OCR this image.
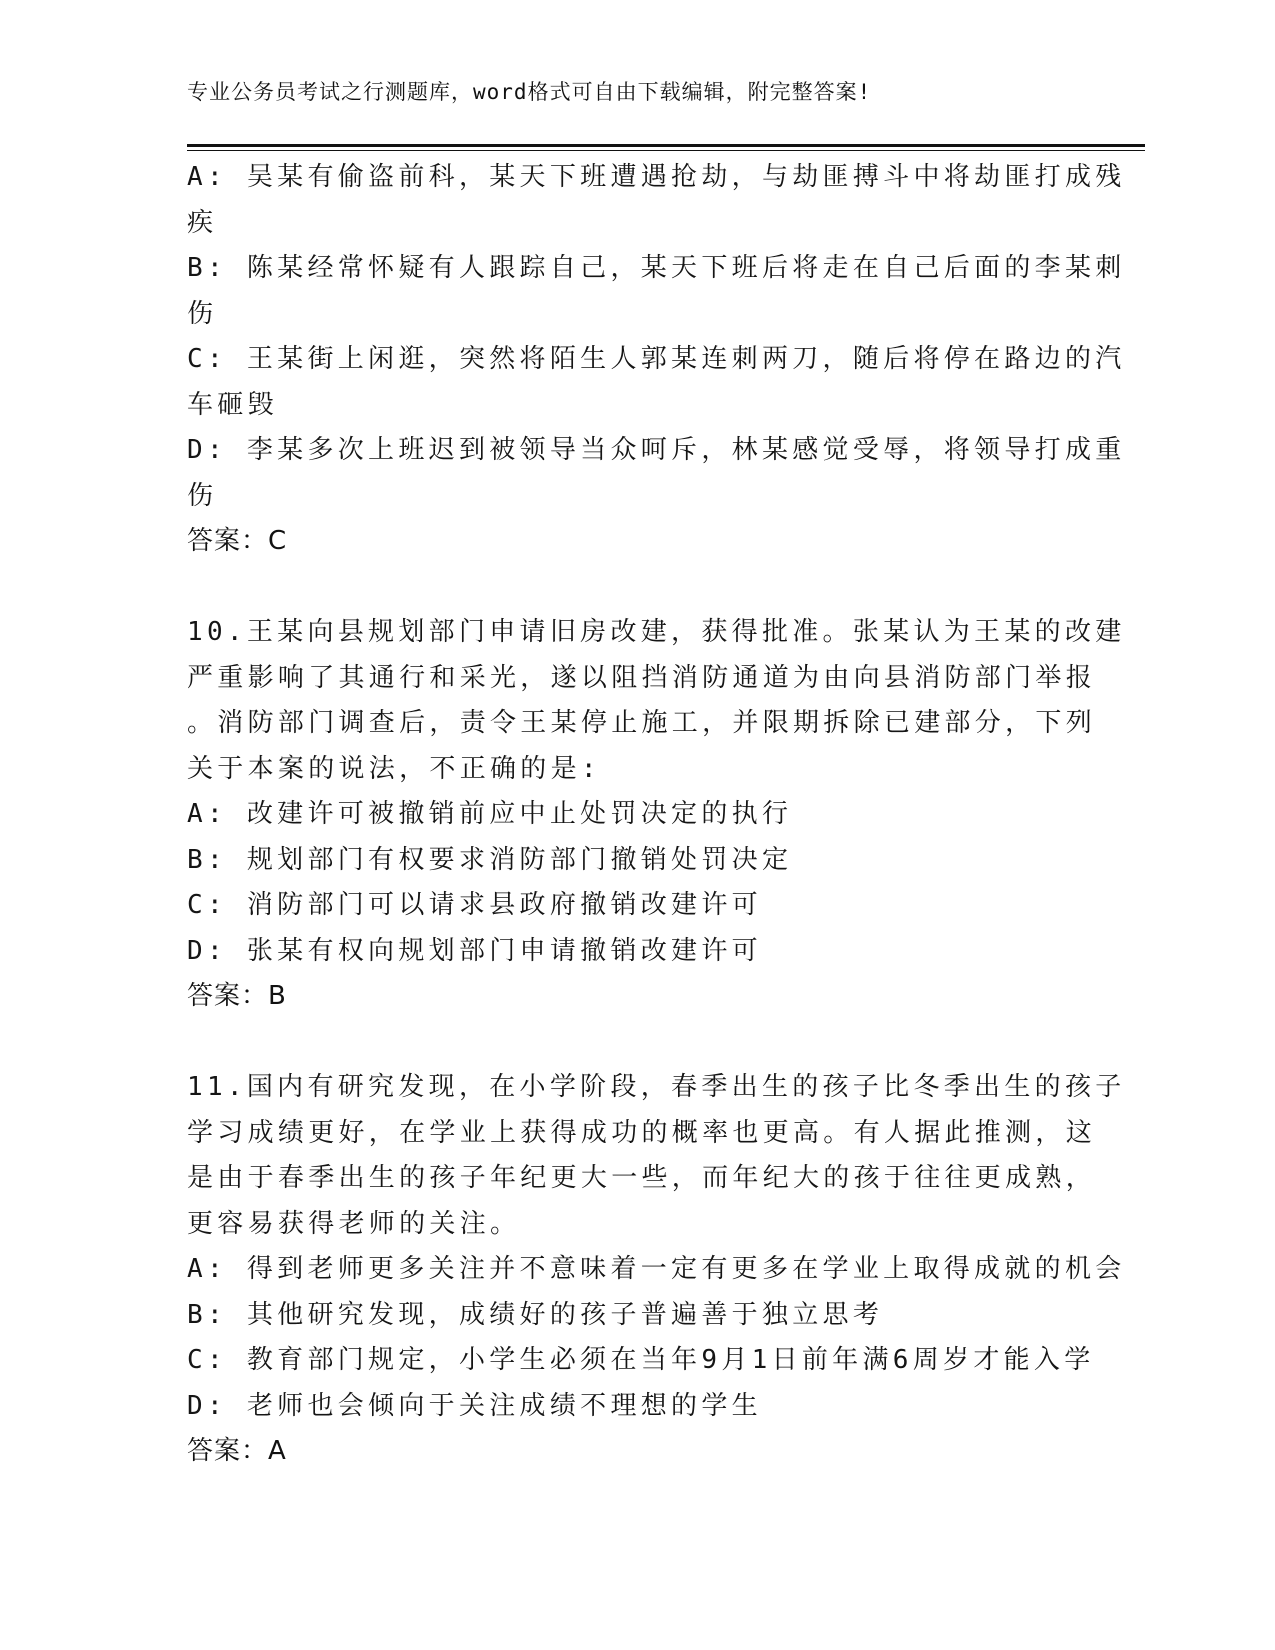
专业公务员考试之行测题库，word格式可自由下载编辑，附完整答案!
A: 吴某有偷盗前科，某天下班遭遇抢劫，与劫匪搏斗中将劫匪打成残
疾
B: 陈某经常怀疑有人跟踪自己，某天下班后将走在自己后面的李某刺
伤
C: 王某街上闲逛，突然将陌生人郭某连刺两刀，随后将停在路边的汽
车砸毁
D: 李某多次上班迟到被领导当众呵斥，林某感觉受辱，将领导打成重
伤
答案：C
10.王某向县规划部门申请旧房改建，获得批准。张某认为王某的改建
严重影响了其通行和采光，遂以阻挡消防通道为由向县消防部门举报
。消防部门调查后，责令王某停止施工，并限期拆除已建部分，下列
关于本案的说法，不正确的是:
A: 改建许可被撤销前应中止处罚决定的执行
B: 规划部门有权要求消防部门撤销处罚决定
C: 消防部门可以请求县政府撤销改建许可
D: 张某有权向规划部门申请撤销改建许可
答案：B
11.国内有研究发现，在小学阶段，春季出生的孩子比冬季出生的孩子
学习成绩更好，在学业上获得成功的概率也更高。有人据此推测，这
是由于春季出生的孩子年纪更大一些，而年纪大的孩于往往更成熟，
更容易获得老师的关注。
A: 得到老师更多关注并不意味着一定有更多在学业上取得成就的机会
B: 其他研究发现，成绩好的孩子普遍善于独立思考
C: 教育部门规定，小学生必须在当年9月1日前年满6周岁才能入学
D: 老师也会倾向于关注成绩不理想的学生
答案：A
